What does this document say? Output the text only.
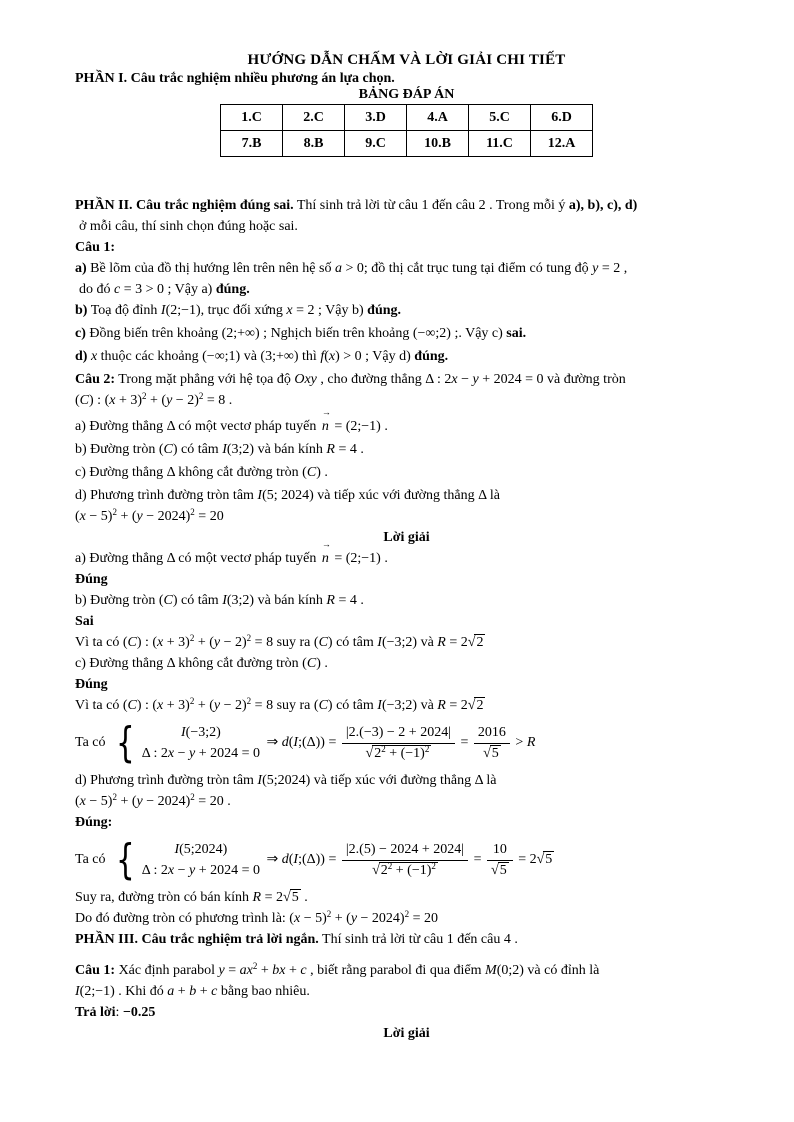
HƯỚNG DẪN CHẤM VÀ LỜI GIẢI CHI TIẾT
PHẦN I. Câu trắc nghiệm nhiều phương án lựa chọn.
BẢNG ĐÁP ÁN
1.C	2.C	3.D	4.A	5.C	6.D
7.B	8.B	9.C	10.B	11.C	12.A
PHẦN II. Câu trắc nghiệm đúng sai. Thí sinh trả lời từ câu 1 đến câu 2 . Trong mỗi ý a), b), c), d)
ở mỗi câu, thí sinh chọn đúng hoặc sai.
Câu 1:
a) Bề lõm của đồ thị hướng lên trên nên hệ số a > 0; đồ thị cắt trục tung tại điểm có tung độ y = 2 ,
do đó c = 3 > 0 ; Vậy a) đúng.
b) Toạ độ đỉnh I(2;−1), trục đối xứng x = 2 ; Vậy b) đúng.
c) Đồng biến trên khoảng (2;+∞) ; Nghịch biến trên khoảng (−∞;2) ;. Vậy c) sai.
d) x thuộc các khoảng (−∞;1) và (3;+∞) thì f(x) > 0 ; Vậy d) đúng.
Câu 2: Trong mặt phẳng với hệ tọa độ Oxy , cho đường thẳng Δ : 2x − y + 2024 = 0 và đường tròn
(C) : $(x + 3)^2 + (y - 2)^2 = 8$ .
a) Đường thẳng Δ có một vectơ pháp tuyến
→
n = (2;−1) .
b) Đường tròn (C) có tâm I(3;2) và bán kính R = 4 .
c) Đường thẳng Δ không cắt đường tròn (C) .
d) Phương trình đường tròn tâm I(5; 2024) và tiếp xúc với đường thẳng Δ là
$(x - 5)^2 + (y - 2024)^2 = 20$
Lời giải
a) Đường thẳng Δ có một vectơ pháp tuyến
→
n = (2;−1) .
Đúng
b) Đường tròn (C) có tâm I(3;2) và bán kính R = 4 .
Sai
Vì ta có (C) : $(x + 3)^2 + (y - 2)^2 = 8$ suy ra (C) có tâm I(−3;2) và R = 2√2
c) Đường thẳng Δ không cắt đường tròn (C) .
Đúng
Vì ta có (C) : $(x + 3)^2 + (y - 2)^2 = 8$ suy ra (C) có tâm I(−3;2) và R = 2√2
Ta có {	I(−3;2)
Δ : 2x − y + 2024 = 0
⇒ d(I;(Δ)) = $\frac{|2.(-3) - 2 + 2024|}{√2^2 + (-1)^2} = \frac{2016}{√5} > R$
d) Phương trình đường tròn tâm I(5;2024) và tiếp xúc với đường thẳng Δ là
$(x - 5)^2 + (y - 2024)^2 = 20$ .
Đúng:
Ta có {	I(5;2024)
Δ : 2x − y + 2024 = 0
⇒ d(I;(Δ)) = $\frac{|2.(5) - 2024 + 2024|}{√2^2 + (-1)^2} = \frac{10}{√5} = 2√5$
Suy ra, đường tròn có bán kính R = 2√5 .
Do đó đường tròn có phương trình là: $(x - 5)^2 + (y - 2024)^2 = 20$
PHẦN III. Câu trắc nghiệm trả lời ngắn. Thí sinh trả lời từ câu 1 đến câu 4 .
Câu 1: Xác định parabol $y = ax^2$ + bx + c , biết rằng parabol đi qua điểm M(0;2) và có đỉnh là
I(2;−1) . Khi đó a + b + c bằng bao nhiêu.
Trả lời: −0.25
Lời giải
